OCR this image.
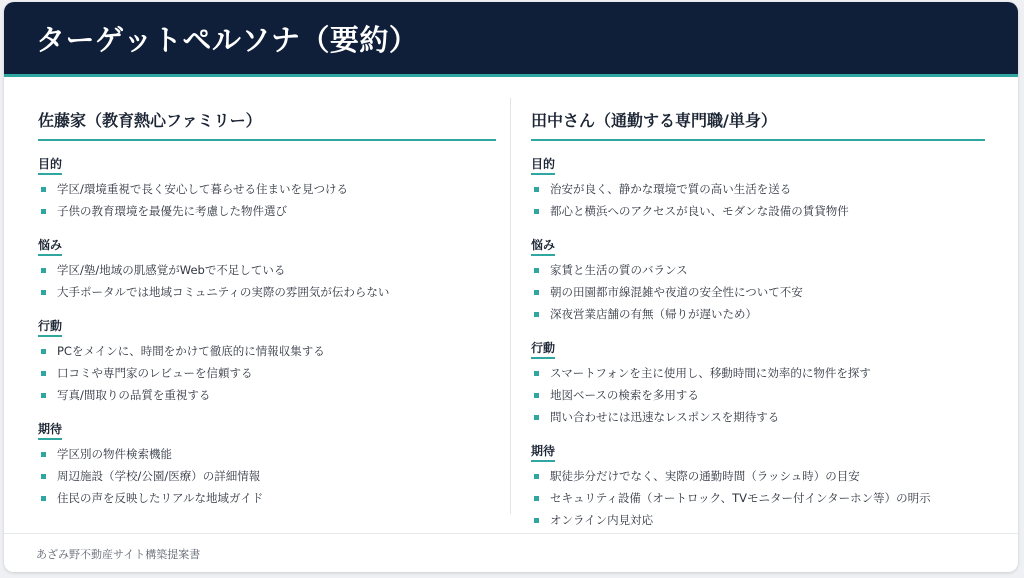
ターゲットペルソナ（要約）
佐藤家（教育熱心ファミリー）
目的
学区/環境重視で長く安心して暮らせる住まいを見つける
子供の教育環境を最優先に考慮した物件選び
悩み
学区/塾/地域の肌感覚がWebで不足している
大手ポータルでは地域コミュニティの実際の雰囲気が伝わらない
行動
PCをメインに、時間をかけて徹底的に情報収集する
口コミや専門家のレビューを信頼する
写真/間取りの品質を重視する
期待
学区別の物件検索機能
周辺施設（学校/公園/医療）の詳細情報
住民の声を反映したリアルな地域ガイド
田中さん（通勤する専門職/単身）
目的
治安が良く、静かな環境で質の高い生活を送る
都心と横浜へのアクセスが良い、モダンな設備の賃貸物件
悩み
家賃と生活の質のバランス
朝の田園都市線混雑や夜道の安全性について不安
深夜営業店舗の有無（帰りが遅いため）
行動
スマートフォンを主に使用し、移動時間に効率的に物件を探す
地図ベースの検索を多用する
問い合わせには迅速なレスポンスを期待する
期待
駅徒歩分だけでなく、実際の通勤時間（ラッシュ時）の目安
セキュリティ設備（オートロック、TVモニター付インターホン等）の明示
オンライン内見対応
あざみ野不動産サイト構築提案書
